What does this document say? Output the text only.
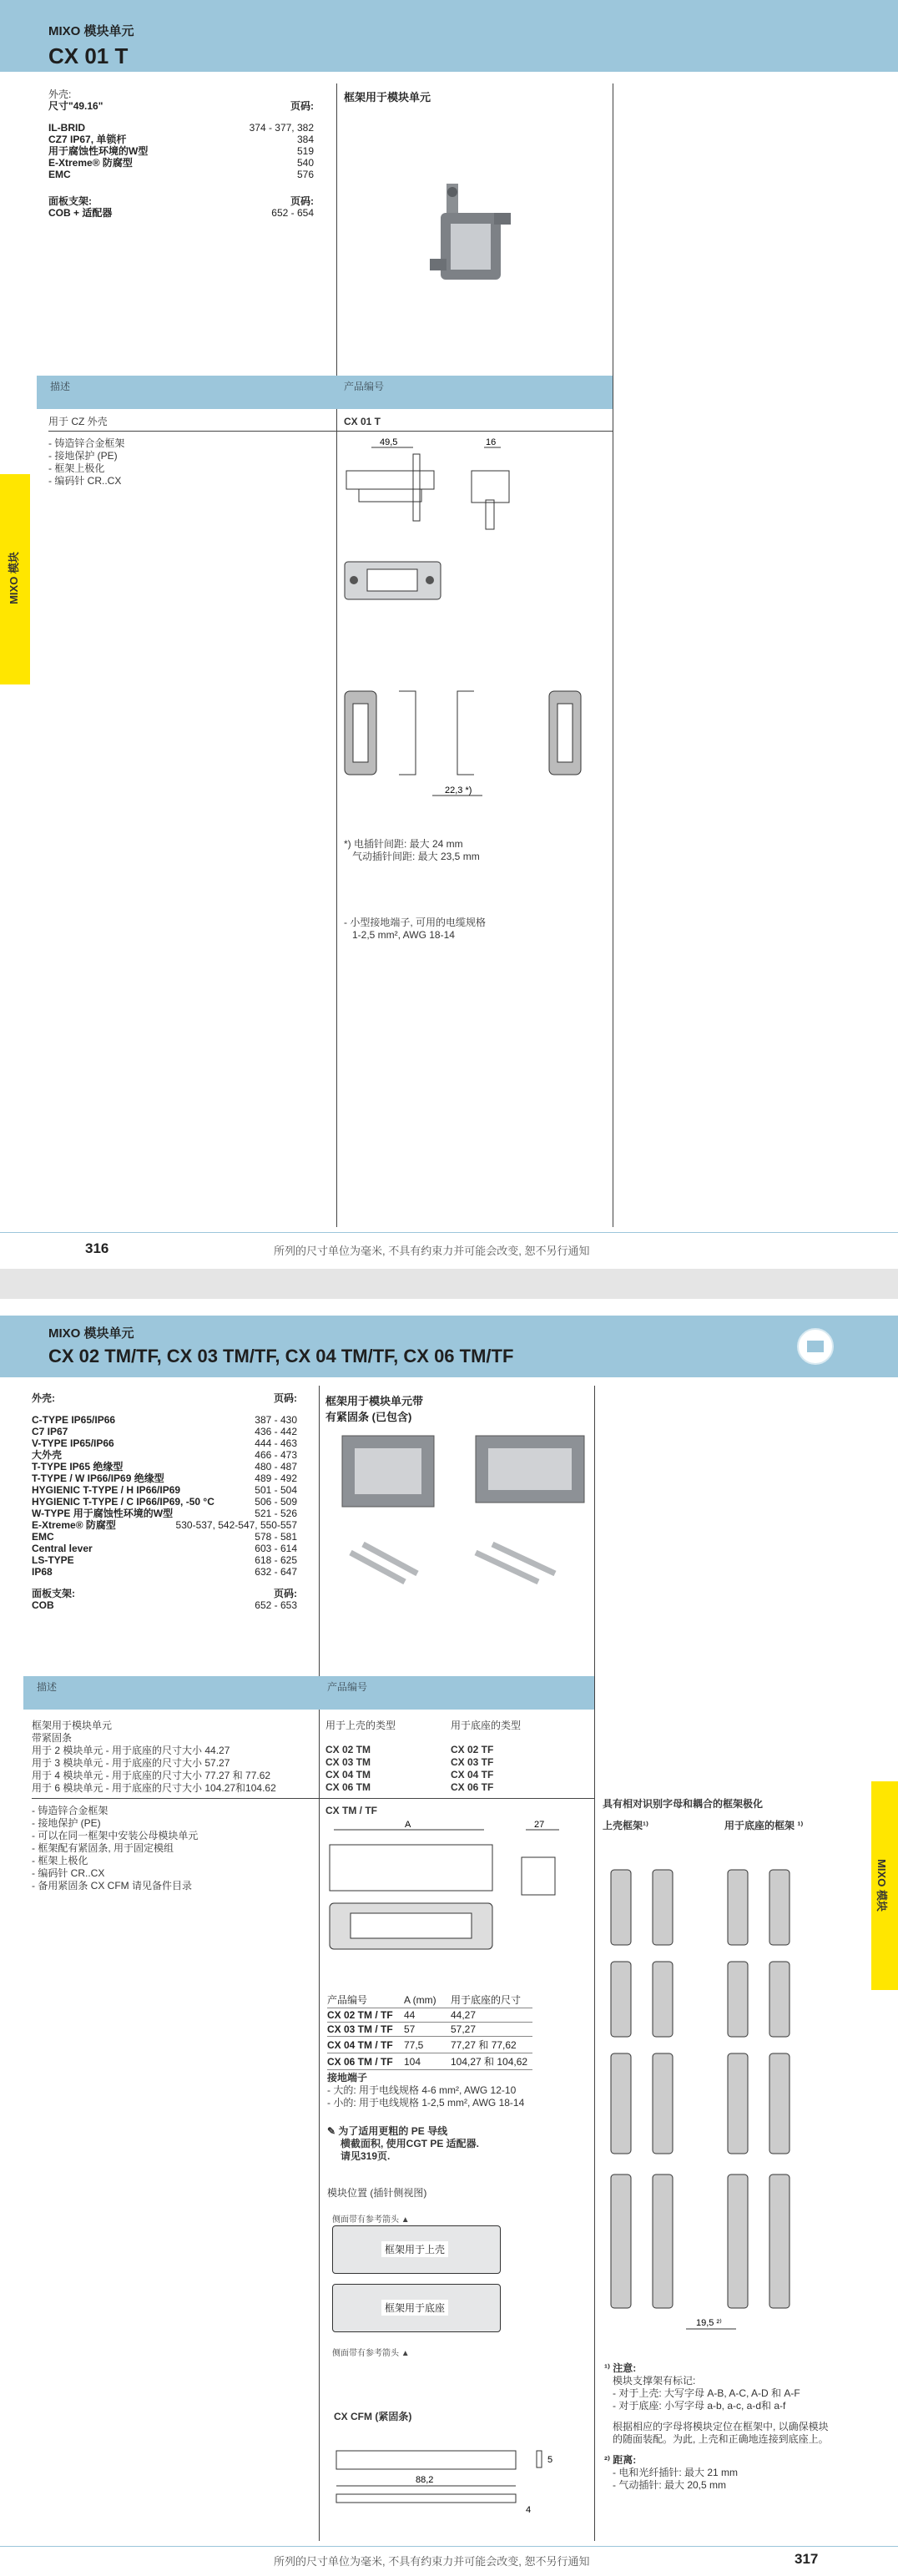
MIXO 模块单元
CX 01 T
外壳:
尺寸"49.16"	页码:
IL-BRID	374 - 377, 382
CZ7 IP67, 单锁杆	384
用于腐蚀性环境的W型	519
E-Xtreme® 防腐型	540
EMC	576
面板支架:	页码:
COB + 适配器	652 - 654
框架用于模块单元
描述	产品编号
用于 CZ 外壳	CX 01 T
- 铸造锌合金框架
- 接地保护 (PE)
- 框架上极化
- 编码针 CR..CX
49,5	16
22,3 *)
*) 电插针间距: 最大 24 mm
气动插针间距: 最大 23,5 mm
- 小型接地端子, 可用的电缆规格
1-2,5 mm², AWG 18-14
MIXO 模块
316	所列的尺寸单位为毫米, 不具有约束力并可能会改变, 恕不另行通知
MIXO 模块单元
CX 02 TM/TF, CX 03 TM/TF, CX 04 TM/TF, CX 06 TM/TF
外壳:	页码:
C-TYPE IP65/IP66	387 - 430
C7 IP67	436 - 442
V-TYPE IP65/IP66	444 - 463
大外壳	466 - 473
T-TYPE IP65 绝缘型	480 - 487
T-TYPE / W IP66/IP69 绝缘型	489 - 492
HYGIENIC T-TYPE / H IP66/IP69	501 - 504
HYGIENIC T-TYPE / C IP66/IP69, -50 °C	506 - 509
W-TYPE 用于腐蚀性环境的W型	521 - 526
E-Xtreme® 防腐型	530-537, 542-547, 550-557
EMC	578 - 581
Central lever	603 - 614
LS-TYPE	618 - 625
IP68	632 - 647
面板支架:	页码:
COB	652 - 653
框架用于模块单元带
有紧固条 (已包含)
描述	产品编号
框架用于模块单元
带紧固条
用于 2 模块单元 - 用于底座的尺寸大小 44.27
用于 3 模块单元 - 用于底座的尺寸大小 57.27
用于 4 模块单元 - 用于底座的尺寸大小 77.27 和 77.62
用于 6 模块单元 - 用于底座的尺寸大小 104.27和104.62
用于上壳的类型	用于底座的类型
CX 02 TM	CX 02 TF
CX 03 TM	CX 03 TF
CX 04 TM	CX 04 TF
CX 06 TM	CX 06 TF
- 铸造锌合金框架
- 接地保护 (PE)
- 可以在同一框架中安装公母模块单元
- 框架配有紧固条, 用于固定模组
- 框架上极化
- 编码针 CR..CX
- 备用紧固条 CX CFM 请见备件目录
CX TM / TF
A	27
产品编号	A (mm)	用于底座的尺寸
CX 02 TM / TF	44	44,27
CX 03 TM / TF	57	57,27
CX 04 TM / TF	77,5	77,27 和 77,62
CX 06 TM / TF	104	104,27 和 104,62
接地端子
- 大的: 用于电线规格 4-6 mm², AWG 12-10
- 小的: 用于电线规格 1-2,5 mm², AWG 18-14
✎ 为了适用更粗的 PE 导线
横截面积, 使用CGT PE 适配器.
请见319页.
模块位置 (插针侧视图)
侧面带有参考箭头 ▲
框架用于上壳
框架用于底座
侧面带有参考箭头 ▲
CX CFM (紧固条)
88,2
5
4
具有相对识别字母和耦合的框架极化
上壳框架¹⁾	用于底座的框架 ¹⁾
19,5 ²⁾
¹⁾ 注意:
模块支撑架有标记:
- 对于上壳: 大写字母 A-B, A-C, A-D 和 A-F
- 对于底座: 小写字母 a-b, a-c, a-d和 a-f
根据相应的字母将模块定位在框架中, 以确保模块
的随面装配。为此, 上壳和正确地连接到底座上。
²⁾ 距离:
- 电和光纤插针: 最大 21 mm
- 气动插针: 最大 20,5 mm
MIXO 模块
所列的尺寸单位为毫米, 不具有约束力并可能会改变, 恕不另行通知	317
